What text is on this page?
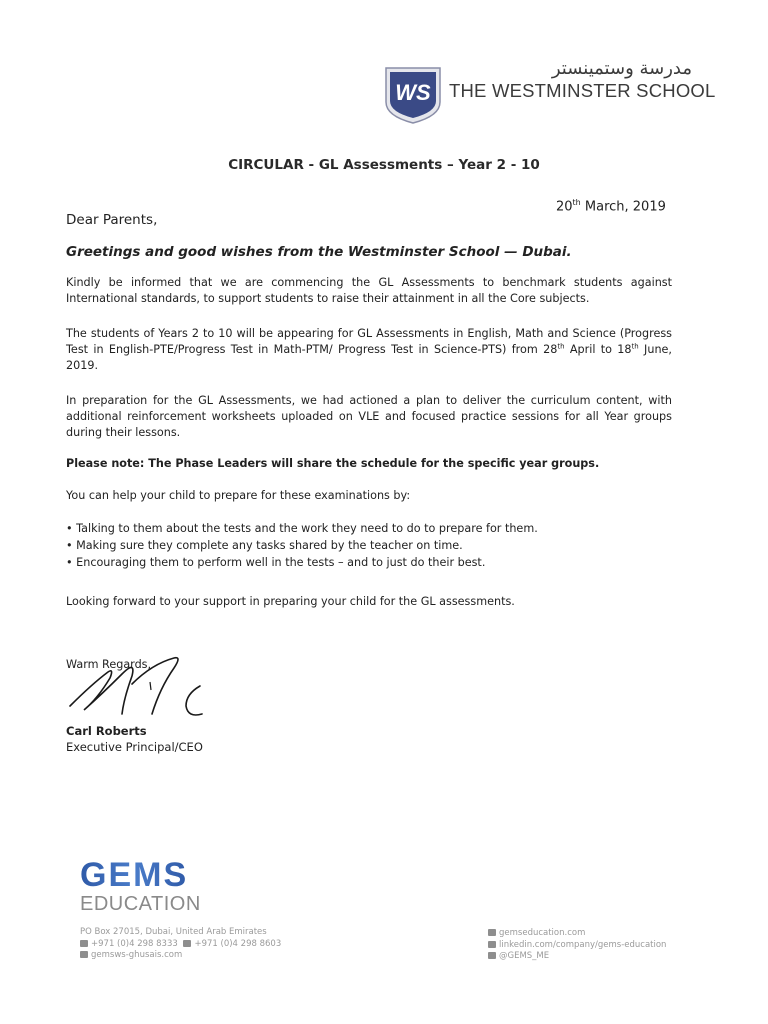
WS
مدرسة وستمينستر
THE WESTMINSTER SCHOOL
CIRCULAR - GL Assessments – Year 2 - 10
20th March, 2019
Dear Parents,
Greetings and good wishes from the Westminster School — Dubai.
Kindly be informed that we are commencing the GL Assessments to benchmark students against International standards, to support students to raise their attainment in all the Core subjects.
The students of Years 2 to 10 will be appearing for GL Assessments in English, Math and Science (Progress Test in English-PTE/Progress Test in Math-PTM/ Progress Test in Science-PTS) from 28th April to 18th June, 2019.
In preparation for the GL Assessments, we had actioned a plan to deliver the curriculum content, with additional reinforcement worksheets uploaded on VLE and focused practice sessions for all Year groups during their lessons.
Please note: The Phase Leaders will share the schedule for the specific year groups.
You can help your child to prepare for these examinations by:
• Talking to them about the tests and the work they need to do to prepare for them.
• Making sure they complete any tasks shared by the teacher on time.
• Encouraging them to perform well in the tests – and to just do their best.
Looking forward to your support in preparing your child for the GL assessments.
Warm Regards,
Carl Roberts
Executive Principal/CEO
GEMS
EDUCATION
PO Box 27015, Dubai, United Arab Emirates
+971 (0)4 298 8333 +971 (0)4 298 8603
gemsws-ghusais.com
gemseducation.com
linkedin.com/company/gems-education
@GEMS_ME
